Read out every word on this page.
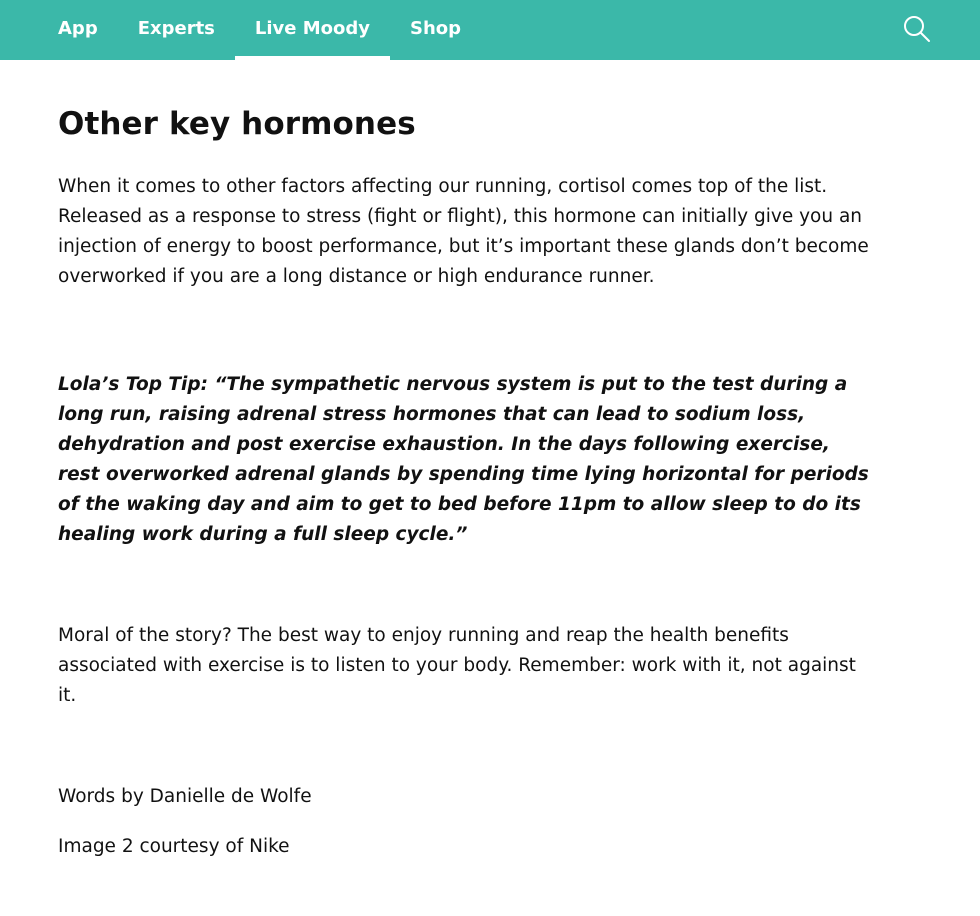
App	Experts	Live Moody	Shop
Other key hormones

When it comes to other factors affecting our running, cortisol comes top of the list. Released as a response to stress (fight or flight), this hormone can initially give you an injection of energy to boost performance, but it’s important these glands don’t become overworked if you are a long distance or high endurance runner.

Lola’s Top Tip: “The sympathetic nervous system is put to the test during a long run, raising adrenal stress hormones that can lead to sodium loss, dehydration and post exercise exhaustion. In the days following exercise, rest overworked adrenal glands by spending time lying horizontal for periods of the waking day and aim to get to bed before 11pm to allow sleep to do its healing work during a full sleep cycle.”

Moral of the story? The best way to enjoy running and reap the health benefits associated with exercise is to listen to your body. Remember: work with it, not against it.

Words by Danielle de Wolfe

Image 2 courtesy of Nike
